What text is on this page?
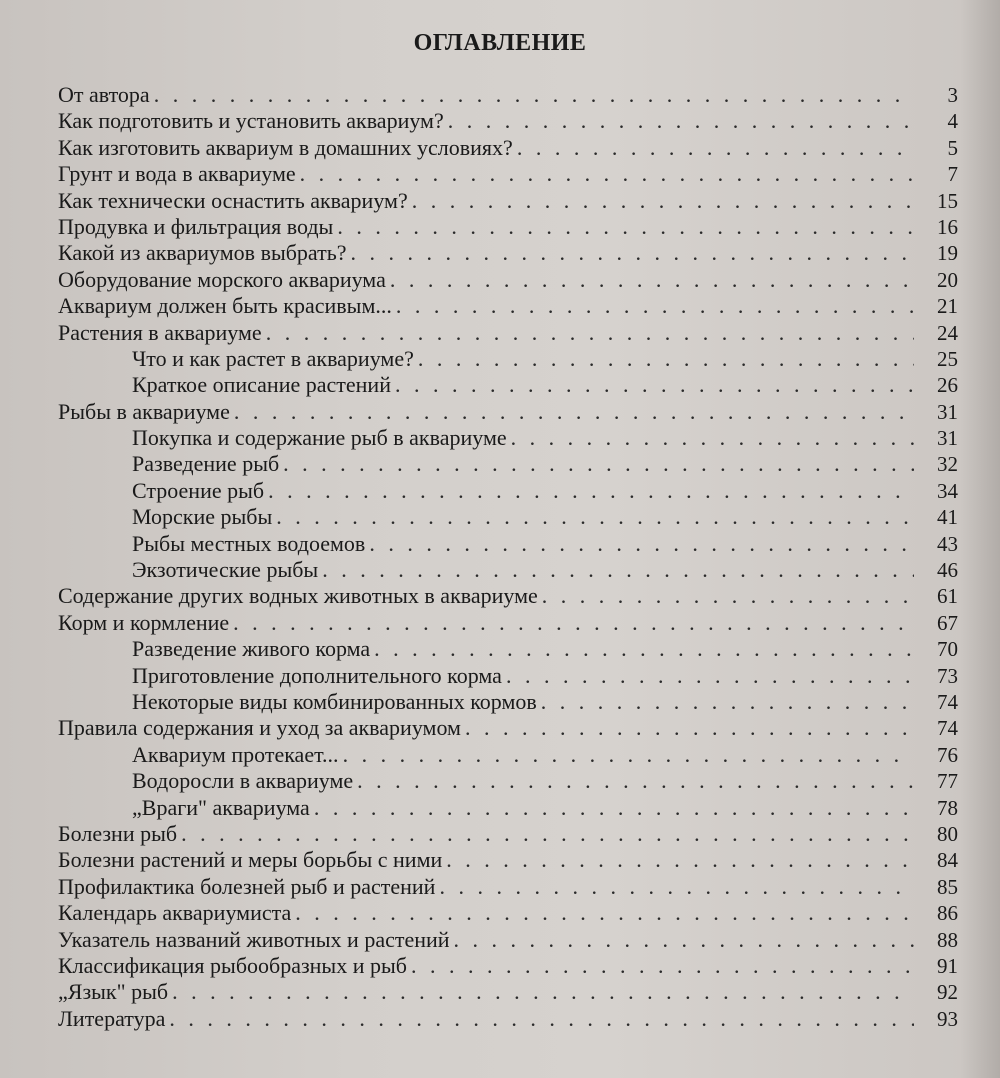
ОГЛАВЛЕНИЕ
От автора . . .	3
Как подготовить и установить аквариум? . . .	4
Как изготовить аквариум в домашних условиях? . . .	5
Грунт и вода в аквариуме . . .	7
Как технически оснастить аквариум? . . .	15
Продувка и фильтрация воды . . .	16
Какой из аквариумов выбрать? . . .	19
Оборудование морского аквариума . . .	20
Аквариум должен быть красивым... . . .	21
Растения в аквариуме . . .	24
Что и как растет в аквариуме? . . .	25
Краткое описание растений . . .	26
Рыбы в аквариуме . . .	31
Покупка и содержание рыб в аквариуме . . .	31
Разведение рыб . . .	32
Строение рыб . . .	34
Морские рыбы . . .	41
Рыбы местных водоемов . . .	43
Экзотические рыбы . . .	46
Содержание других водных животных в аквариуме . . .	61
Корм и кормление . . .	67
Разведение живого корма . . .	70
Приготовление дополнительного корма . . .	73
Некоторые виды комбинированных кормов . . .	74
Правила содержания и уход за аквариумом . . .	74
Аквариум протекает... . . .	76
Водоросли в аквариуме . . .	77
„Враги" аквариума . . .	78
Болезни рыб . . .	80
Болезни растений и меры борьбы с ними . . .	84
Профилактика болезней рыб и растений . . .	85
Календарь аквариумиста . . .	86
Указатель названий животных и растений . . .	88
Классификация рыбообразных и рыб . . .	91
„Язык" рыб . . .	92
Литература . . .	93
